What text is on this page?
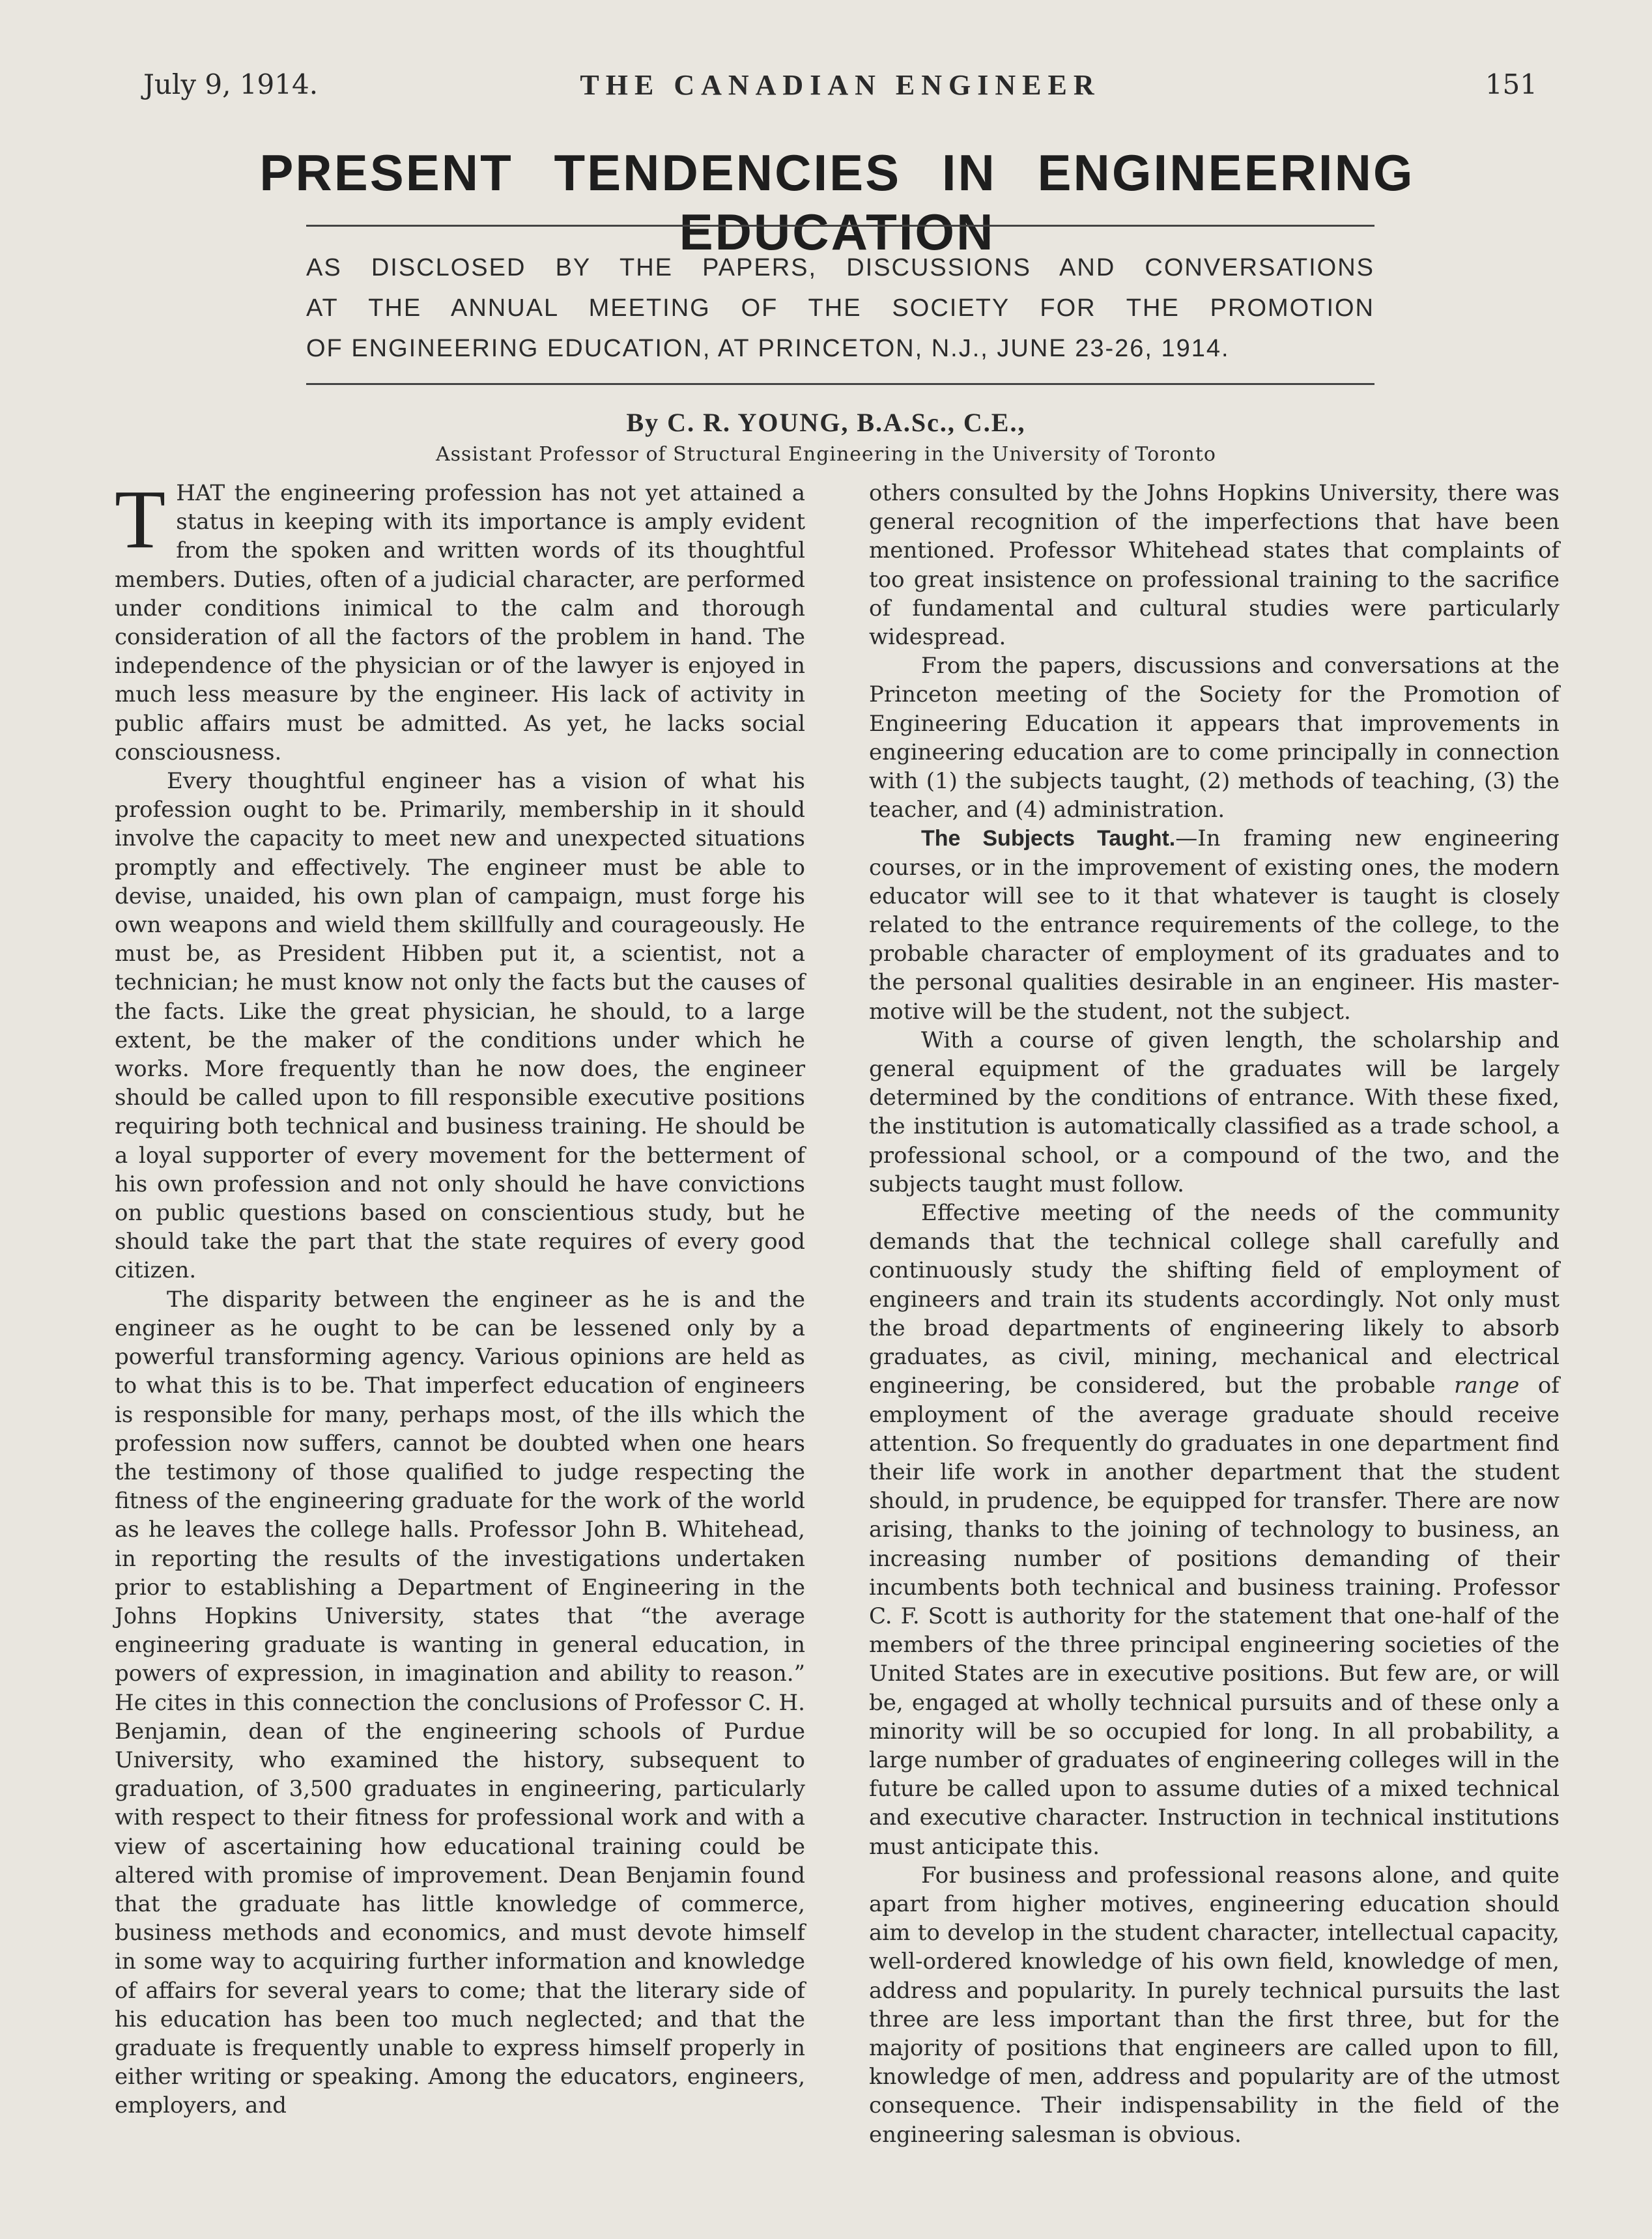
July 9, 1914.	THE CANADIAN ENGINEER	151
PRESENT TENDENCIES IN ENGINEERING EDUCATION
AS DISCLOSED BY THE PAPERS, DISCUSSIONS AND CONVERSATIONS
AT THE ANNUAL MEETING OF THE SOCIETY FOR THE PROMOTION
OF ENGINEERING EDUCATION, AT PRINCETON, N.J., JUNE 23-26, 1914.
By C. R. YOUNG, B.A.Sc., C.E.,
Assistant Professor of Structural Engineering in the University of Toronto

THAT the engineering profession has not yet attained a status in keeping with its importance is amply evident from the spoken and written words of its thoughtful members. Duties, often of a judicial character, are performed under conditions inimical to the calm and thorough consideration of all the factors of the problem in hand. The independence of the physician or of the lawyer is enjoyed in much less measure by the engineer. His lack of activity in public affairs must be admitted. As yet, he lacks social consciousness.

Every thoughtful engineer has a vision of what his profession ought to be. Primarily, membership in it should involve the capacity to meet new and unexpected situations promptly and effectively. The engineer must be able to devise, unaided, his own plan of campaign, must forge his own weapons and wield them skillfully and courageously. He must be, as President Hibben put it, a scientist, not a technician; he must know not only the facts but the causes of the facts. Like the great physician, he should, to a large extent, be the maker of the conditions under which he works. More frequently than he now does, the engineer should be called upon to fill responsible executive positions requiring both technical and business training. He should be a loyal supporter of every movement for the betterment of his own profession and not only should he have convictions on public questions based on conscientious study, but he should take the part that the state requires of every good citizen.

The disparity between the engineer as he is and the engineer as he ought to be can be lessened only by a powerful transforming agency. Various opinions are held as to what this is to be. That imperfect education of engineers is responsible for many, perhaps most, of the ills which the profession now suffers, cannot be doubted when one hears the testimony of those qualified to judge respecting the fitness of the engineering graduate for the work of the world as he leaves the college halls. Professor John B. Whitehead, in reporting the results of the investigations undertaken prior to establishing a Department of Engineering in the Johns Hopkins University, states that “the average engineering graduate is wanting in general education, in powers of expression, in imagination and ability to reason.” He cites in this connection the conclusions of Professor C. H. Benjamin, dean of the engineering schools of Purdue University, who examined the history, subsequent to graduation, of 3,500 graduates in engineering, particularly with respect to their fitness for professional work and with a view of ascertaining how educational training could be altered with promise of improvement. Dean Benjamin found that the graduate has little knowledge of commerce, business methods and economics, and must devote himself in some way to acquiring further information and knowledge of affairs for several years to come; that the literary side of his education has been too much neglected; and that the graduate is frequently unable to express himself properly in either writing or speaking. Among the educators, engineers, employers, and

others consulted by the Johns Hopkins University, there was general recognition of the imperfections that have been mentioned. Professor Whitehead states that complaints of too great insistence on professional training to the sacrifice of fundamental and cultural studies were particularly widespread.

From the papers, discussions and conversations at the Princeton meeting of the Society for the Promotion of Engineering Education it appears that improvements in engineering education are to come principally in connection with (1) the subjects taught, (2) methods of teaching, (3) the teacher, and (4) administration.

The Subjects Taught.—In framing new engineering courses, or in the improvement of existing ones, the modern educator will see to it that whatever is taught is closely related to the entrance requirements of the college, to the probable character of employment of its graduates and to the personal qualities desirable in an engineer. His master-motive will be the student, not the subject.

With a course of given length, the scholarship and general equipment of the graduates will be largely determined by the conditions of entrance. With these fixed, the institution is automatically classified as a trade school, a professional school, or a compound of the two, and the subjects taught must follow.

Effective meeting of the needs of the community demands that the technical college shall carefully and continuously study the shifting field of employment of engineers and train its students accordingly. Not only must the broad departments of engineering likely to absorb graduates, as civil, mining, mechanical and electrical engineering, be considered, but the probable range of employment of the average graduate should receive attention. So frequently do graduates in one department find their life work in another department that the student should, in prudence, be equipped for transfer. There are now arising, thanks to the joining of technology to business, an increasing number of positions demanding of their incumbents both technical and business training. Professor C. F. Scott is authority for the statement that one-half of the members of the three principal engineering societies of the United States are in executive positions. But few are, or will be, engaged at wholly technical pursuits and of these only a minority will be so occupied for long. In all probability, a large number of graduates of engineering colleges will in the future be called upon to assume duties of a mixed technical and executive character. Instruction in technical institutions must anticipate this.

For business and professional reasons alone, and quite apart from higher motives, engineering education should aim to develop in the student character, intellectual capacity, well-ordered knowledge of his own field, knowledge of men, address and popularity. In purely technical pursuits the last three are less important than the first three, but for the majority of positions that engineers are called upon to fill, knowledge of men, address and popularity are of the utmost consequence. Their indispensability in the field of the engineering salesman is obvious.
